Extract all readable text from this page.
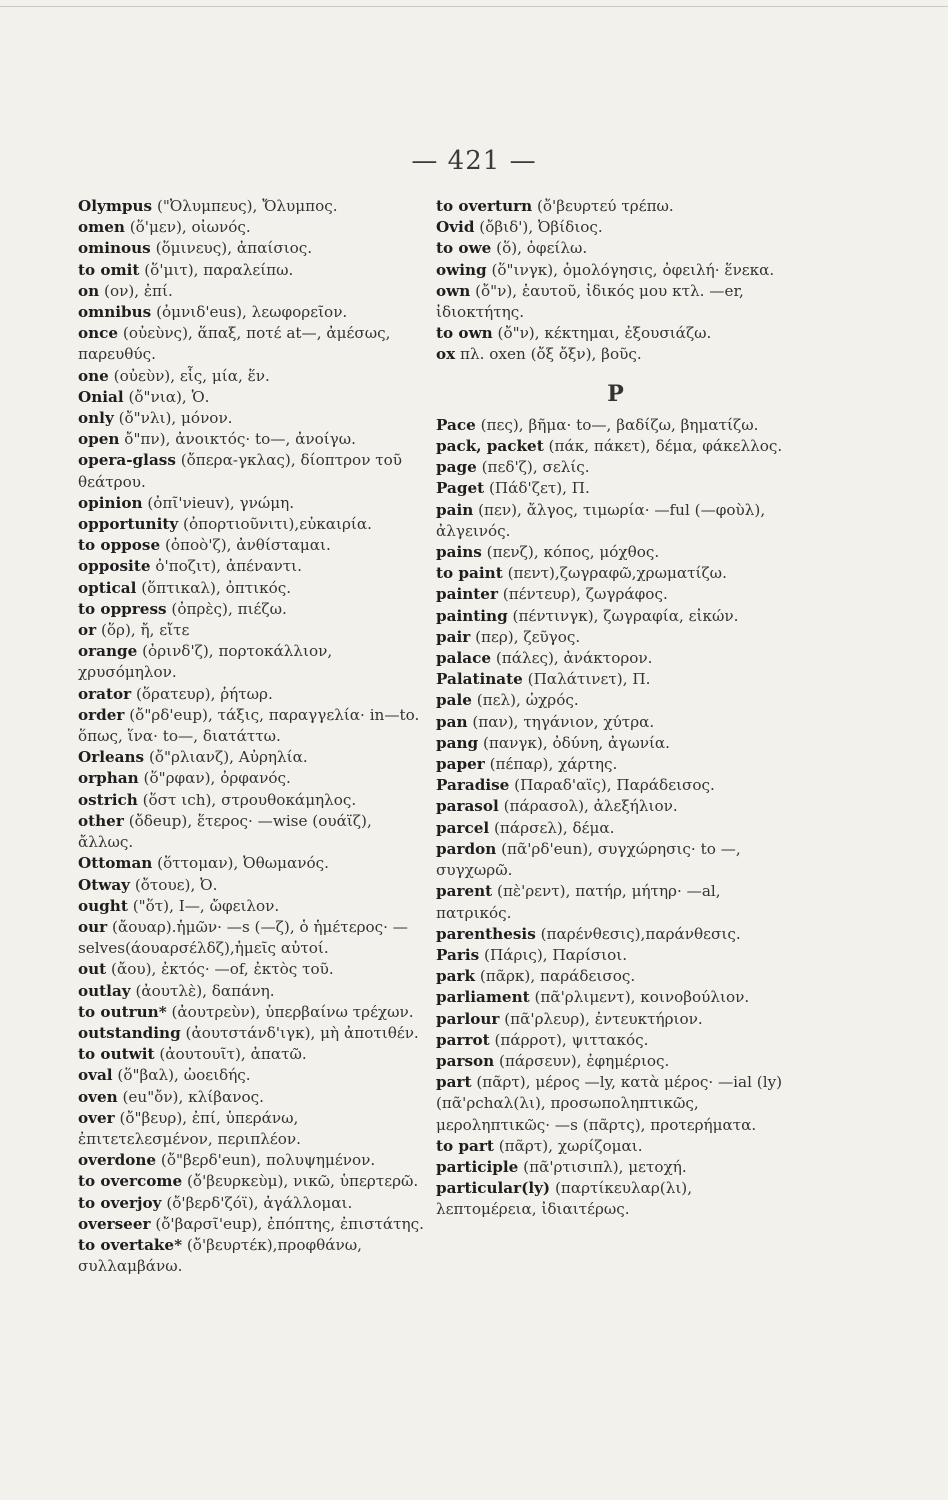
— 421 —

Olympus ("Ὀλυμπευς), Ὄλυμπος.

omen (ὅ'μεν), οἰωνός.

ominous (ὅμινευς), ἀπαίσιος.

to omit (ὅ'μιτ), παραλείπω.

on (ον), ἐπί.

omnibus (ὀμνιδ'eus), λεωφορεῖον.

once (οὐεὺνς), ἅπαξ, ποτέ at—, ἀμέσως, παρευθύς.

one (οὐεὺν), εἷς, μία, ἕν.

Onial (ὄ"νια), Ὁ.

only (ὄ"νλι), μόνον.

open ὄ"πν), ἀνοικτός· to—, ἀνοίγω.

opera-glass (ὄπερα-γκλας), δίοπτρον τοῦ θεάτρου.

opinion (ὀπῖ'νieuv), γνώμη.

opportunity (ὀπορτιοῦνιτι),εὐκαιρία.

to oppose (ὀποὸ'ζ), ἀνθίσταμαι.

opposite ὀ'ποζιτ), ἀπέναντι.

optical (ὅπτικαλ), ὀπτικός.

to oppress (ὀπρὲς), πιέζω.

or (ὅρ), ἤ, εἴτε

orange (ὀρινδ'ζ), πορτοκάλλιον, χρυσόμηλον.

orator (ὅρατευρ), ῥήτωρ.

order (ὄ"ρδ'eup), τάξις, παραγγελία· in—to. ὅπως, ἵνα· to—, διατάττω.

Orleans (ὄ"ρλιανζ), Αὐρηλία.

orphan (ὅ"ρφαν), ὀρφανός.

ostrich (ὅστ ιch), στρουθοκάμηλος.

other (ὄδeup), ἕτερος· —wise (ουάϊζ), ἄλλως.

Ottoman (ὅττομαν), Ὀθωμανός.

Otway (ὄτουε), Ὀ.

ought ("ὅτ), I—, ὤφειλον.

our (ἄουαρ).ἡμῶν· —s (—ζ), ὁ ἡμέτερος· —selves(άουαρσέλδζ),ἡμεῖς αὐτοί.

out (ἄου), ἐκτός· —of, ἐκτὸς τοῦ.

outlay (ἀουτλὲ), δαπάνη.

to outrun* (ἀουτρεὺν), ὑπερβαίνω τρέχων.

outstanding (ἀουτστάνδ'ιγκ), μὴ ἀποτιθέν.

to outwit (ἀουτουῖτ), ἀπατῶ.

oval (ὅ"βαλ), ὠοειδής.

oven (eu"ὄν), κλίβανος.

over (ὄ"βευρ), ἐπί, ὑπεράνω, ἐπιτετελεσμένον, περιπλέον.

overdone (ὄ"βερδ'eun), πολυψημένον.

to overcome (ὄ'βευρκεὺμ), νικῶ, ὑπερτερῶ.

to overjoy (ὄ'βερδ'ζόϊ), ἀγάλλομαι.

overseer (ὄ'βαρσῖ'eup), ἐπόπτης, ἐπιστάτης.

to overtake* (ὄ'βευρτέκ),προφθάνω, συλλαμβάνω.

to overturn (ὄ'βευρτεύ τρέπω.

Ovid (ὄβιδ'), Ὀβίδιος.

to owe (ὅ), ὀφείλω.

owing (ὅ"ινγκ), ὁμολόγησις, ὀφειλή· ἕνεκα.

own (ὄ"ν), ἑαυτοῦ, ἰδικός μου κτλ. —er, ἰδιοκτήτης.

to own (ὄ"ν), κέκτημαι, ἐξουσιάζω.

ox πλ. oxen (ὄξ ὄξν), βοῦς.

P

Pace (πες), βῆμα· to—, βαδίζω, βηματίζω.

pack, packet (πάκ, πάκετ), δέμα, φάκελλος.

page (πεδ'ζ), σελίς.

Paget (Πάδ'ζετ), Π.

pain (πεν), ἄλγος, τιμωρία· —ful (—φοὺλ), ἀλγεινός.

pains (πενζ), κόπος, μόχθος.

to paint (πεντ),ζωγραφῶ,χρωματίζω.

painter (πέντευρ), ζωγράφος.

painting (πέντινγκ), ζωγραφία, εἰκών.

pair (περ), ζεῦγος.

palace (πάλες), ἀνάκτορον.

Palatinate (Παλάτινετ), Π.

pale (πελ), ὠχρός.

pan (παν), τηγάνιον, χύτρα.

pang (πανγκ), ὀδύνη, ἀγωνία.

paper (πέπαρ), χάρτης.

Paradise (Παραδ'αϊς), Παράδεισος.

parasol (πάρασολ), ἀλεξήλιον.

parcel (πάρσελ), δέμα.

pardon (πᾶ'ρδ'eun), συγχώρησις· to —, συγχωρῶ.

parent (πὲ'ρεντ), πατήρ, μήτηρ· —al, πατρικός.

parenthesis (παρένθεσις),παράνθεσις.

Paris (Πάρις), Παρίσιοι.

park (πᾶρκ), παράδεισος.

parliament (πᾶ'ρλιμεντ), κοινοβούλιον.

parlour (πᾶ'ρλευρ), ἐντευκτήριον.

parrot (πάρροτ), ψιττακός.

parson (πάρσευν), ἐφημέριος.

part (πᾶρτ), μέρος —ly, κατὰ μέρος· —ial (ly) (πᾶ'ρchαλ(λι), προσωποληπτικῶς, μεροληπτικῶς· —s (πᾶρτς), προτερήματα.

to part (πᾶρτ), χωρίζομαι.

participle (πᾶ'ρτισιπλ), μετοχή.

particular(ly) (παρτίκευλαρ(λι), λεπτομέρεια, ἰδιαιτέρως.
